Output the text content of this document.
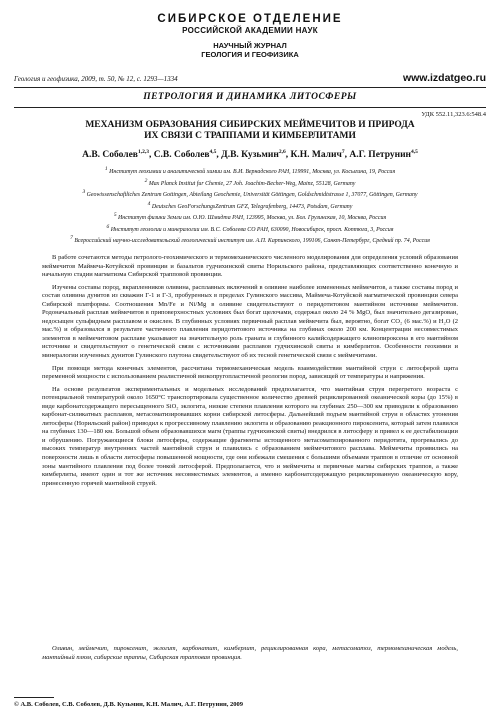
СИБИРСКОЕ ОТДЕЛЕНИЕ
РОССИЙСКОЙ АКАДЕМИИ НАУК
НАУЧНЫЙ ЖУРНАЛ
ГЕОЛОГИЯ И ГЕОФИЗИКА
Геология и геофизика, 2009, т. 50, № 12, с. 1293—1334	www.izdatgeo.ru
ПЕТРОЛОГИЯ И ДИНАМИКА ЛИТОСФЕРЫ
УДК 552.11,323.6:548.4
МЕХАНИЗМ ОБРАЗОВАНИЯ СИБИРСКИХ МЕЙМЕЧИТОВ И ПРИРОДА
ИХ СВЯЗИ С ТРАППАМИ И КИМБЕРЛИТАМИ
А.В. Соболев$^{1,2,3}$, С.В. Соболев$^{4,5}$, Д.В. Кузьмин$^{2,6}$, К.Н. Малич$^7$, А.Г. Петрунин$^{4,5}$
$^1$ Институт геохимии и аналитической химии им. В.И. Вернадского РАН, 119991, Москва, ул. Косыгина, 19, Россия
$^2$ Max Planck Institut fur Chemie, 27 Joh. Joachim-Becher-Weg, Mainz, 55128, Germany
$^3$ Geowissenschaftliches Zentrum Gottingen, Abteilung Geochemie, Universität Göttingen, Goldschmidtstrasse 1, 37077, Göttingen, Germany
$^4$ Deutsches GeoForschungsZentrum GFZ, Telegrafenberg, 14473, Potsdam, Germany
$^5$ Институт физики Земли им. О.Ю. Шмидта РАН, 123995, Москва, ул. Бол. Грузинская, 10, Москва, Россия
$^6$ Институт геологии и минералогии им. В.С. Соболева СО РАН, 630090, Новосибирск, просп. Коптюга, 3, Россия
$^7$ Всероссийский научно-исследовательский геологический институт им. А.П. Карпинского, 199106, Санкт-Петербург, Средний пр. 74, Россия

В работе сочетаются методы петролого-геохимического и термомеханического численного моделирования для определения условий образования меймечитов Маймеча-Котуйской провинции и базальтов гудчихинской свиты Норильского района, представляющих соответственно конечную и начальную стадии магматизма Сибирской трапповой провинции.

Изучены составы пород, вкрапленников оливина, расплавных включений в оливине наиболее измененных меймечитов, а также составы пород и состав оливина дунитов из скважин Г-1 и Г-3, пробуренных в пределах Гулинского массива, Маймеча-Котуйской магматической провинции севера Сибирской платформы. Соотношения Mn/Fe и Ni/Mg в оливине свидетельствуют о перидотитовом мантийном источнике меймечитов. Родоначальный расплав меймечитов в приповерхностных условиях был богат щелочами, содержал около 24 % MgO, был значительно дегазирован, недосыщен сульфидным расплавом и окислен. В глубинных условиях первичный расплав меймечита был, вероятно, богат CO₂ (6 мас.%) и H₂O (2 мас.%) и образовался в результате частичного плавления перидотитового источника на глубинах около 200 км. Концентрации несовместимых элементов в меймечитовом расплаве указывают на значительную роль граната и глубинного калийсодержащего клинопироксена в его мантийном источнике и свидетельствуют о генетической связи с источниками расплавов гудчихинской свиты и кимберлитов. Особенности геохимии и минералогии изученных дунитов Гулинского плутона свидетельствуют об их тесной генетической связи с меймечитами.

При помощи метода конечных элементов, рассчитана термомеханическая модель взаимодействия мантийной струи с литосферой щита переменной мощности с использованием реалистичной вязкопругопластичной реологии пород, зависящей от температуры и напряжения.

На основе результатов экспериментальных и модельных исследований предполагается, что мантийная струя перегретого возраста с потенциальной температурой около 1650°C транспортировала существенное количество древней рециклированной океанической коры (до 15%) в виде карбонатсодержащего пересыщенного SiO₂ эклогита, низкие степени плавления которого на глубинах 250—300 км приводили к образованию карбонат-силикатных расплавов, метасоматизировавших корни сибирской литосферы. Дальнейший подъем мантийной струи в областях утонения литосферы (Норильский район) приводил к прогрессивному плавлению эклогита и образованию реакционного пироксенита, который затем плавился на глубинах 130—180 км. Большой объем образовавшихся магм (траппы гудчихинской свиты) внедрился в литосферу и привел к ее дестабилизации и обрушению. Погружающиеся блоки литосферы, содержащие фрагменты истощенного метасоматизированного перидотита, прогревались до высоких температур внутренних частей мантийной струи и плавились с образованием меймечитового расплава. Меймечиты проявились на поверхности лишь в области литосферы повышенной мощности, где они избежали смешения с большими объемами траппов в отличие от основной зоны мантийного плавления под более тонкой литосферой. Предполагается, что и меймечиты и первичные магмы сибирских траппов, а также кимберлиты, имеют один и тот же источник несовместимых элементов, а именно карбонатсодержащую рециклированную океаническую кору, принесенную горячей мантийной струей.

Оливин, меймечит, пироксенит, эклогит, карбонатит, кимберлит, рециклированная кора, метасоматоз, термомеханическая модель, мантийный плюм, сибирские траппы, Сибирская трапповая провинция.
© А.В. Соболев, С.В. Соболев, Д.В. Кузьмин, К.Н. Малич, А.Г. Петрунин, 2009
